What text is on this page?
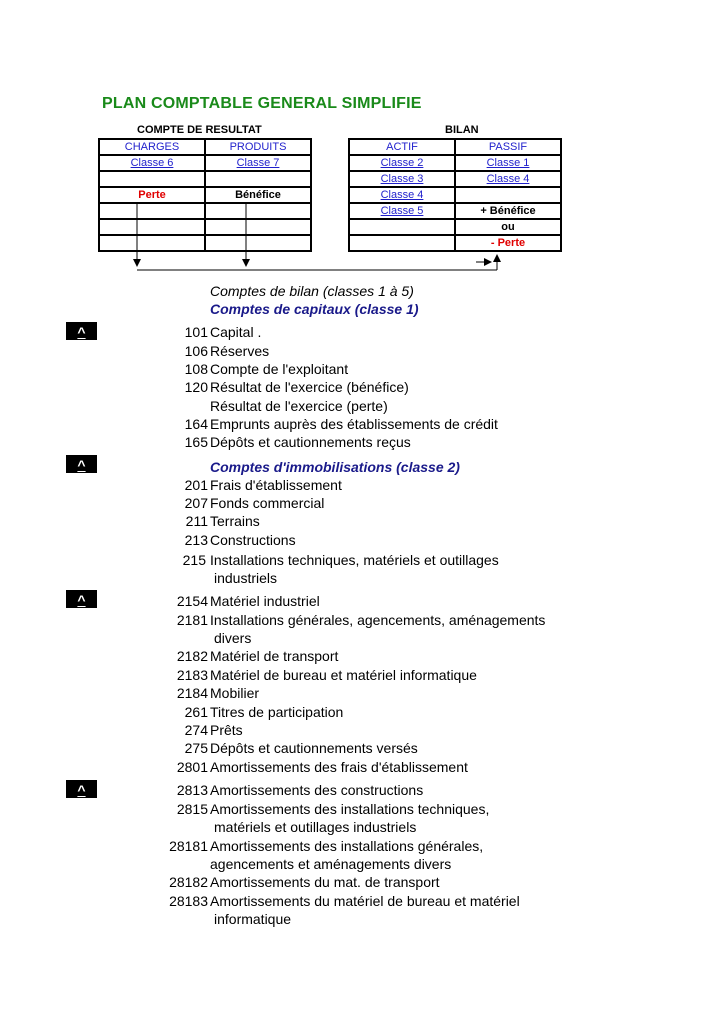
PLAN COMPTABLE GENERAL SIMPLIFIE
COMPTE DE RESULTAT
CHARGES	PRODUITS
Classe 6	Classe 7

Perte	Bénéfice

BILAN
ACTIF	PASSIF
Classe 2	Classe 1
Classe 3	Classe 4
Classe 4	
Classe 5	+ Bénéfice
	ou
	- Perte
Comptes de bilan (classes 1 à 5)
Comptes de capitaux (classe 1)
Comptes d'immobilisations (classe 2)
^
^
^
^
101 Capital .
106 Réserves
108 Compte de l'exploitant
120 Résultat de l'exercice (bénéfice)
Résultat de l'exercice (perte)
164 Emprunts auprès des établissements de crédit
165 Dépôts et cautionnements reçus
201 Frais d'établissement
207 Fonds commercial
211 Terrains
213 Constructions
215 Installations techniques, matériels et outillages
industriels
2154 Matériel industriel
2181 Installations générales, agencements, aménagements
divers
2182 Matériel de transport
2183 Matériel de bureau et matériel informatique
2184 Mobilier
261 Titres de participation
274 Prêts
275 Dépôts et cautionnements versés
2801 Amortissements des frais d'établissement
2813 Amortissements des constructions
2815 Amortissements des installations techniques,
matériels et outillages industriels
28181 Amortissements des installations générales,
agencements et aménagements divers
28182 Amortissements du mat. de transport
28183 Amortissements du matériel de bureau et matériel
informatique
